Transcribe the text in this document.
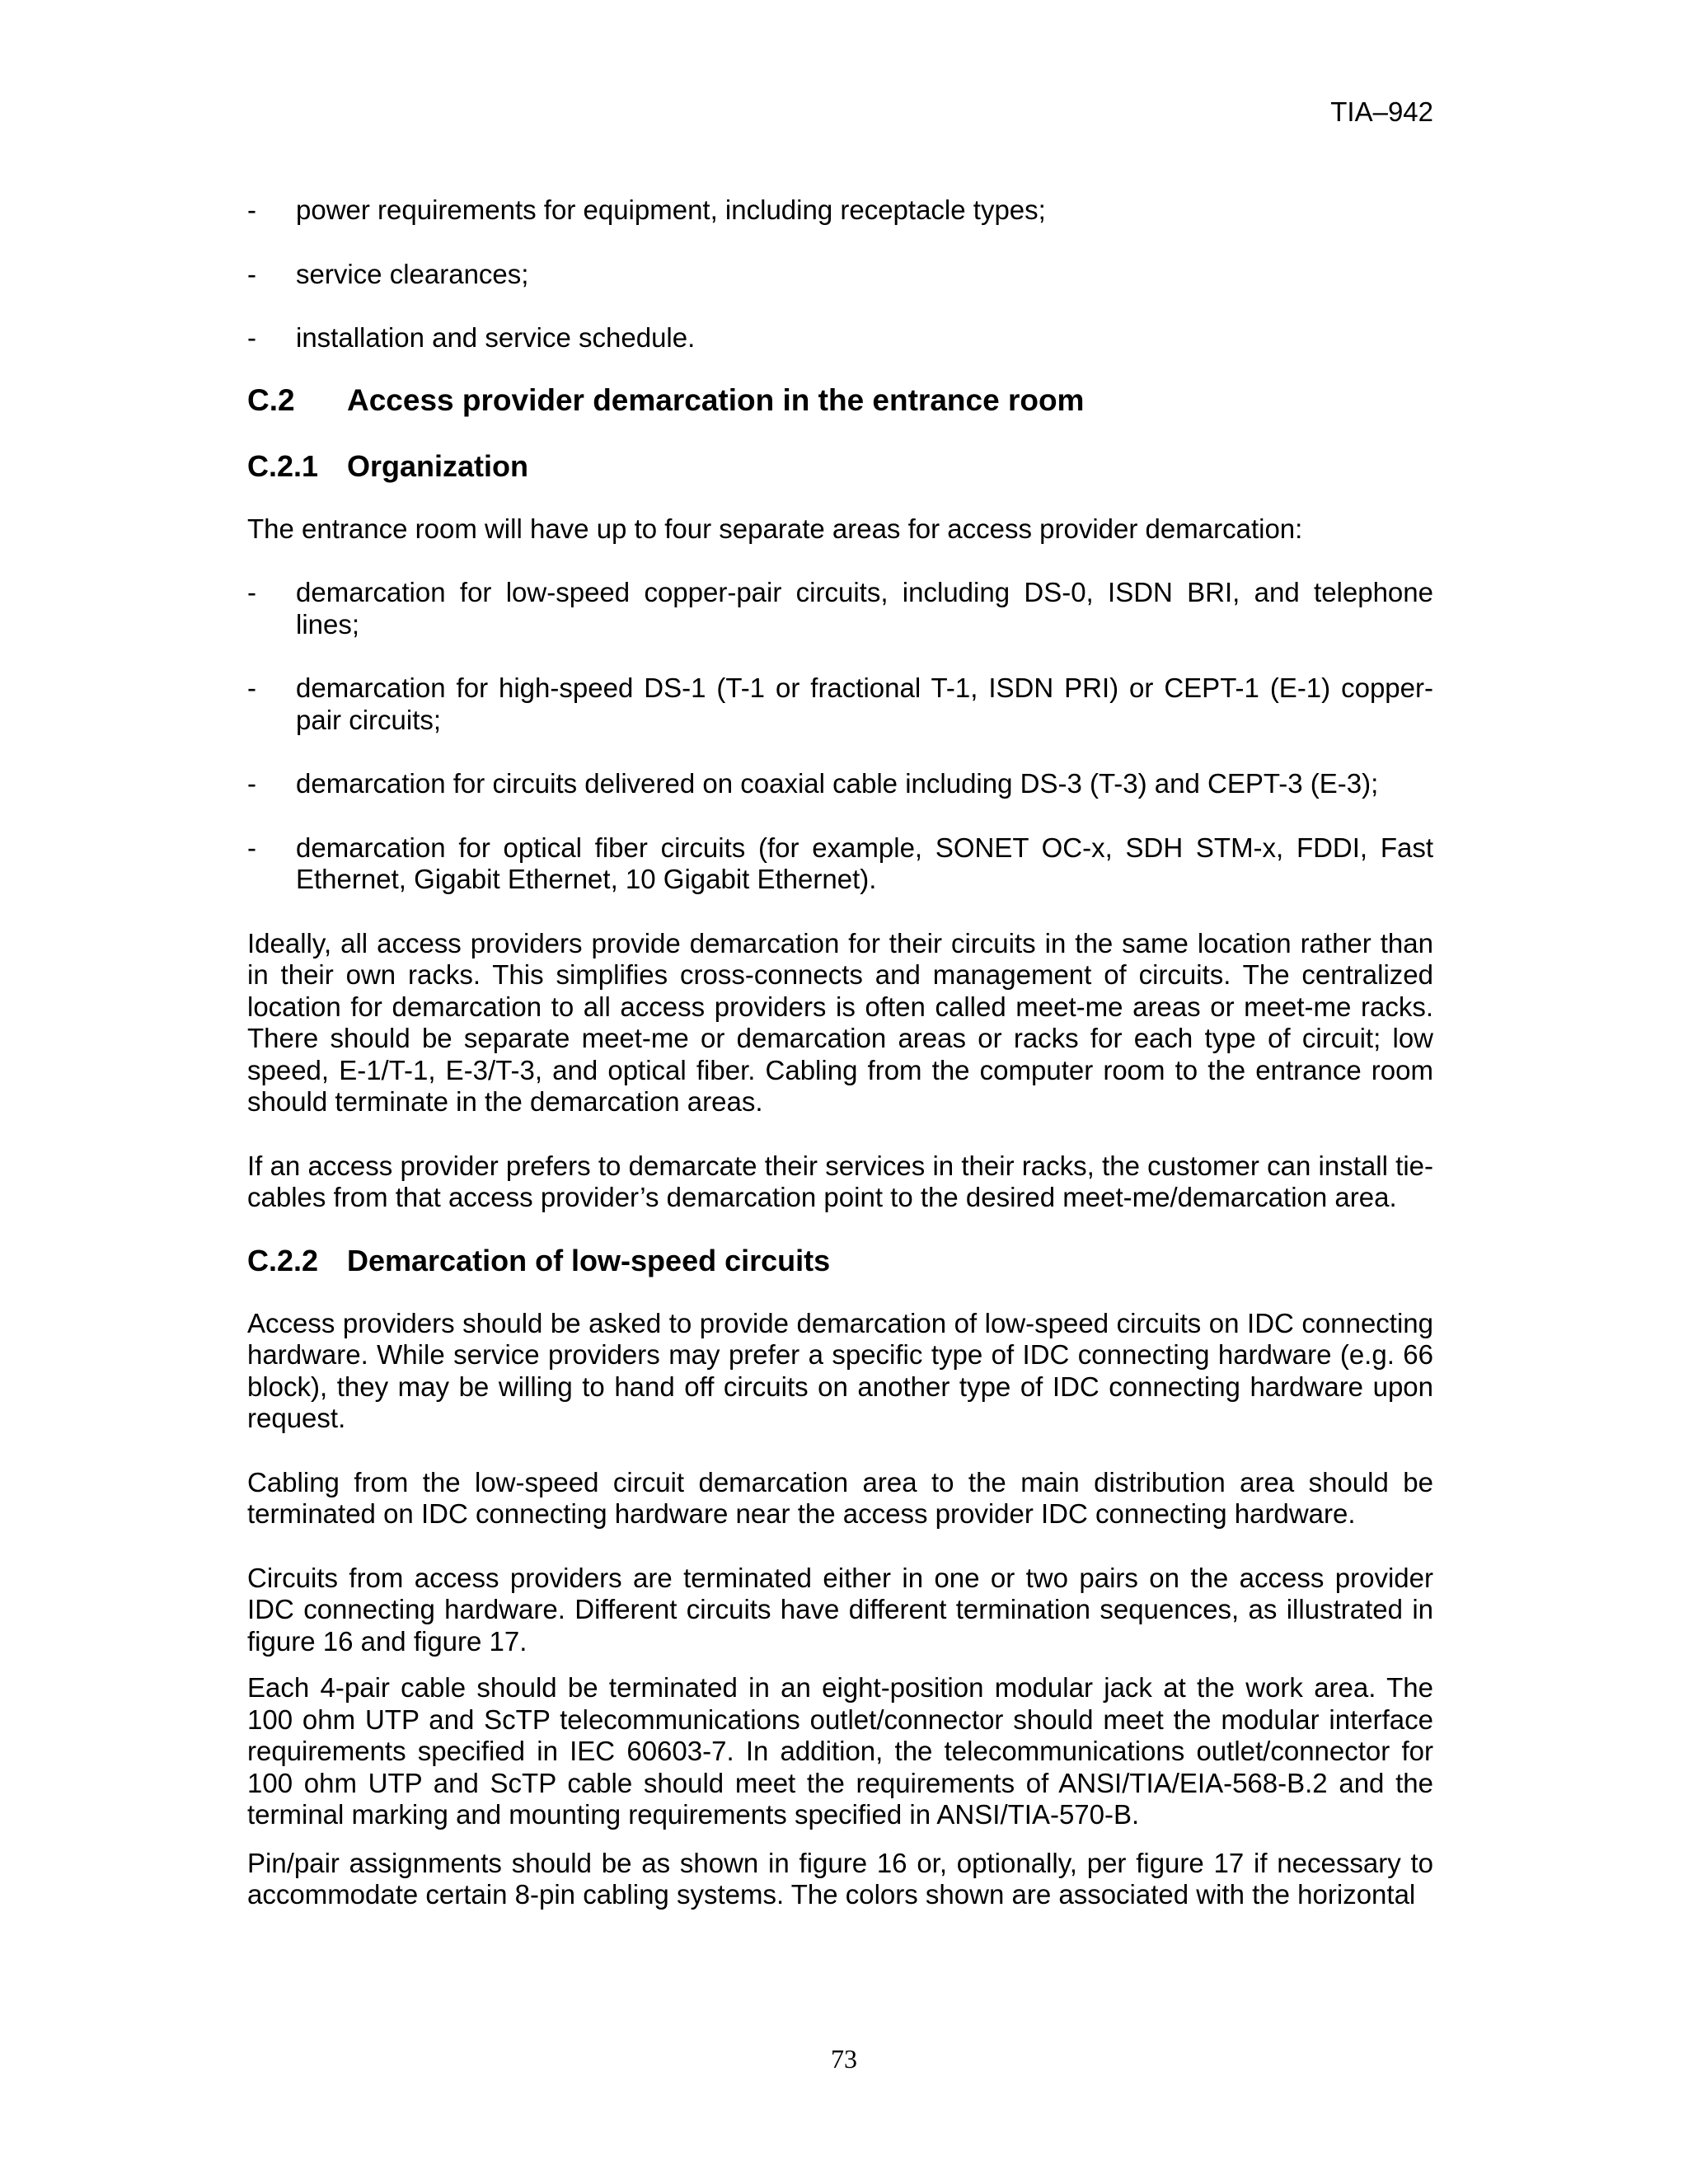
TIA–942
-	power requirements for equipment, including receptacle types;
-	service clearances;
-	installation and service schedule.
C.2	Access provider demarcation in the entrance room
C.2.1 Organization

The entrance room will have up to four separate areas for access provider demarcation:

-	demarcation for low-speed copper-pair circuits, including DS-0, ISDN BRI, and telephone lines;
-	demarcation for high-speed DS-1 (T-1 or fractional T-1, ISDN PRI) or CEPT-1 (E-1) copper-pair circuits;
-	demarcation for circuits delivered on coaxial cable including DS-3 (T-3) and CEPT-3 (E-3);
-	demarcation for optical fiber circuits (for example, SONET OC-x, SDH STM-x, FDDI, Fast Ethernet, Gigabit Ethernet, 10 Gigabit Ethernet).

Ideally, all access providers provide demarcation for their circuits in the same location rather than in their own racks. This simplifies cross-connects and management of circuits. The centralized location for demarcation to all access providers is often called meet-me areas or meet-me racks. There should be separate meet-me or demarcation areas or racks for each type of circuit; low speed, E-1/T-1, E-3/T-3, and optical fiber. Cabling from the computer room to the entrance room should terminate in the demarcation areas.

If an access provider prefers to demarcate their services in their racks, the customer can install tie-cables from that access provider’s demarcation point to the desired meet-me/demarcation area.

C.2.2 Demarcation of low-speed circuits

Access providers should be asked to provide demarcation of low-speed circuits on IDC connecting hardware. While service providers may prefer a specific type of IDC connecting hardware (e.g. 66 block), they may be willing to hand off circuits on another type of IDC connecting hardware upon request.

Cabling from the low-speed circuit demarcation area to the main distribution area should be terminated on IDC connecting hardware near the access provider IDC connecting hardware.

Circuits from access providers are terminated either in one or two pairs on the access provider IDC connecting hardware. Different circuits have different termination sequences, as illustrated in figure 16 and figure 17.

Each 4-pair cable should be terminated in an eight-position modular jack at the work area. The 100 ohm UTP and ScTP telecommunications outlet/connector should meet the modular interface requirements specified in IEC 60603-7. In addition, the telecommunications outlet/connector for 100 ohm UTP and ScTP cable should meet the requirements of ANSI/TIA/EIA-568-B.2 and the terminal marking and mounting requirements specified in ANSI/TIA-570-B.

Pin/pair assignments should be as shown in figure 16 or, optionally, per figure 17 if necessary to accommodate certain 8-pin cabling systems. The colors shown are associated with the horizontal

73
